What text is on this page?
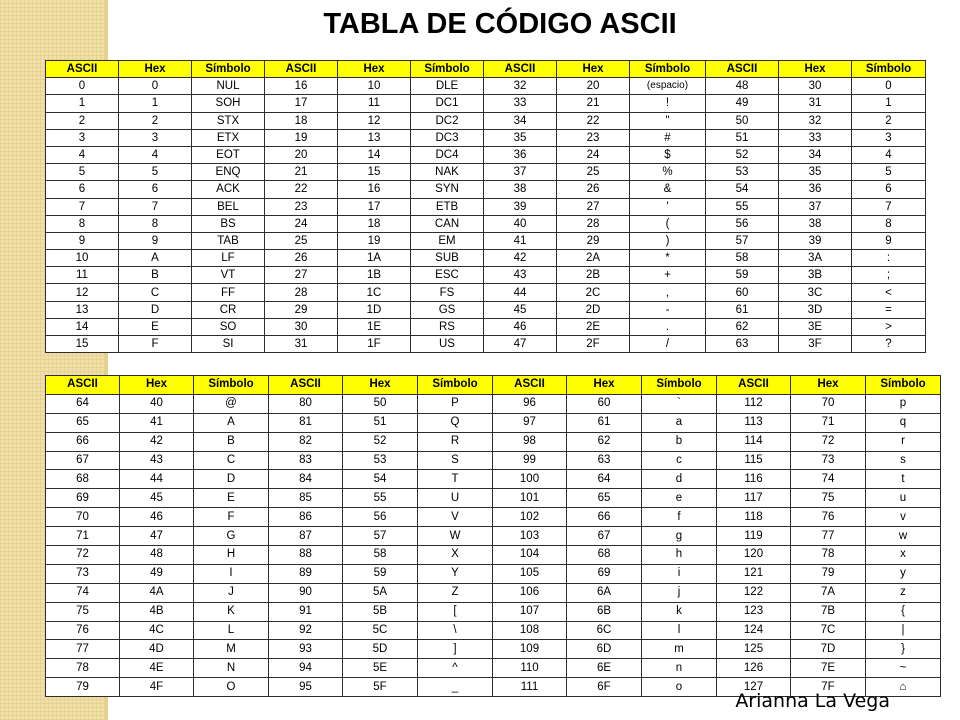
TABLA DE CÓDIGO ASCII
ASCII	Hex	Símbolo	ASCII	Hex	Símbolo	ASCII	Hex	Símbolo	ASCII	Hex	Símbolo
0	0	NUL	16	10	DLE	32	20	(espacio)	48	30	0
1	1	SOH	17	11	DC1	33	21	!	49	31	1
2	2	STX	18	12	DC2	34	22	"	50	32	2
3	3	ETX	19	13	DC3	35	23	#	51	33	3
4	4	EOT	20	14	DC4	36	24	$	52	34	4
5	5	ENQ	21	15	NAK	37	25	%	53	35	5
6	6	ACK	22	16	SYN	38	26	&	54	36	6
7	7	BEL	23	17	ETB	39	27	'	55	37	7
8	8	BS	24	18	CAN	40	28	(	56	38	8
9	9	TAB	25	19	EM	41	29	)	57	39	9
10	A	LF	26	1A	SUB	42	2A	*	58	3A	:
11	B	VT	27	1B	ESC	43	2B	+	59	3B	;
12	C	FF	28	1C	FS	44	2C	,	60	3C	<
13	D	CR	29	1D	GS	45	2D	-	61	3D	=
14	E	SO	30	1E	RS	46	2E	.	62	3E	>
15	F	SI	31	1F	US	47	2F	/	63	3F	?
ASCII	Hex	Símbolo	ASCII	Hex	Símbolo	ASCII	Hex	Símbolo	ASCII	Hex	Símbolo
64	40	@	80	50	P	96	60	`	112	70	p
65	41	A	81	51	Q	97	61	a	113	71	q
66	42	B	82	52	R	98	62	b	114	72	r
67	43	C	83	53	S	99	63	c	115	73	s
68	44	D	84	54	T	100	64	d	116	74	t
69	45	E	85	55	U	101	65	e	117	75	u
70	46	F	86	56	V	102	66	f	118	76	v
71	47	G	87	57	W	103	67	g	119	77	w
72	48	H	88	58	X	104	68	h	120	78	x
73	49	I	89	59	Y	105	69	i	121	79	y
74	4A	J	90	5A	Z	106	6A	j	122	7A	z
75	4B	K	91	5B	[	107	6B	k	123	7B	{
76	4C	L	92	5C	\	108	6C	l	124	7C	|
77	4D	M	93	5D	]	109	6D	m	125	7D	}
78	4E	N	94	5E	^	110	6E	n	126	7E	~
79	4F	O	95	5F	_	111	6F	o	127	7F	⌂
Arianna La Vega
